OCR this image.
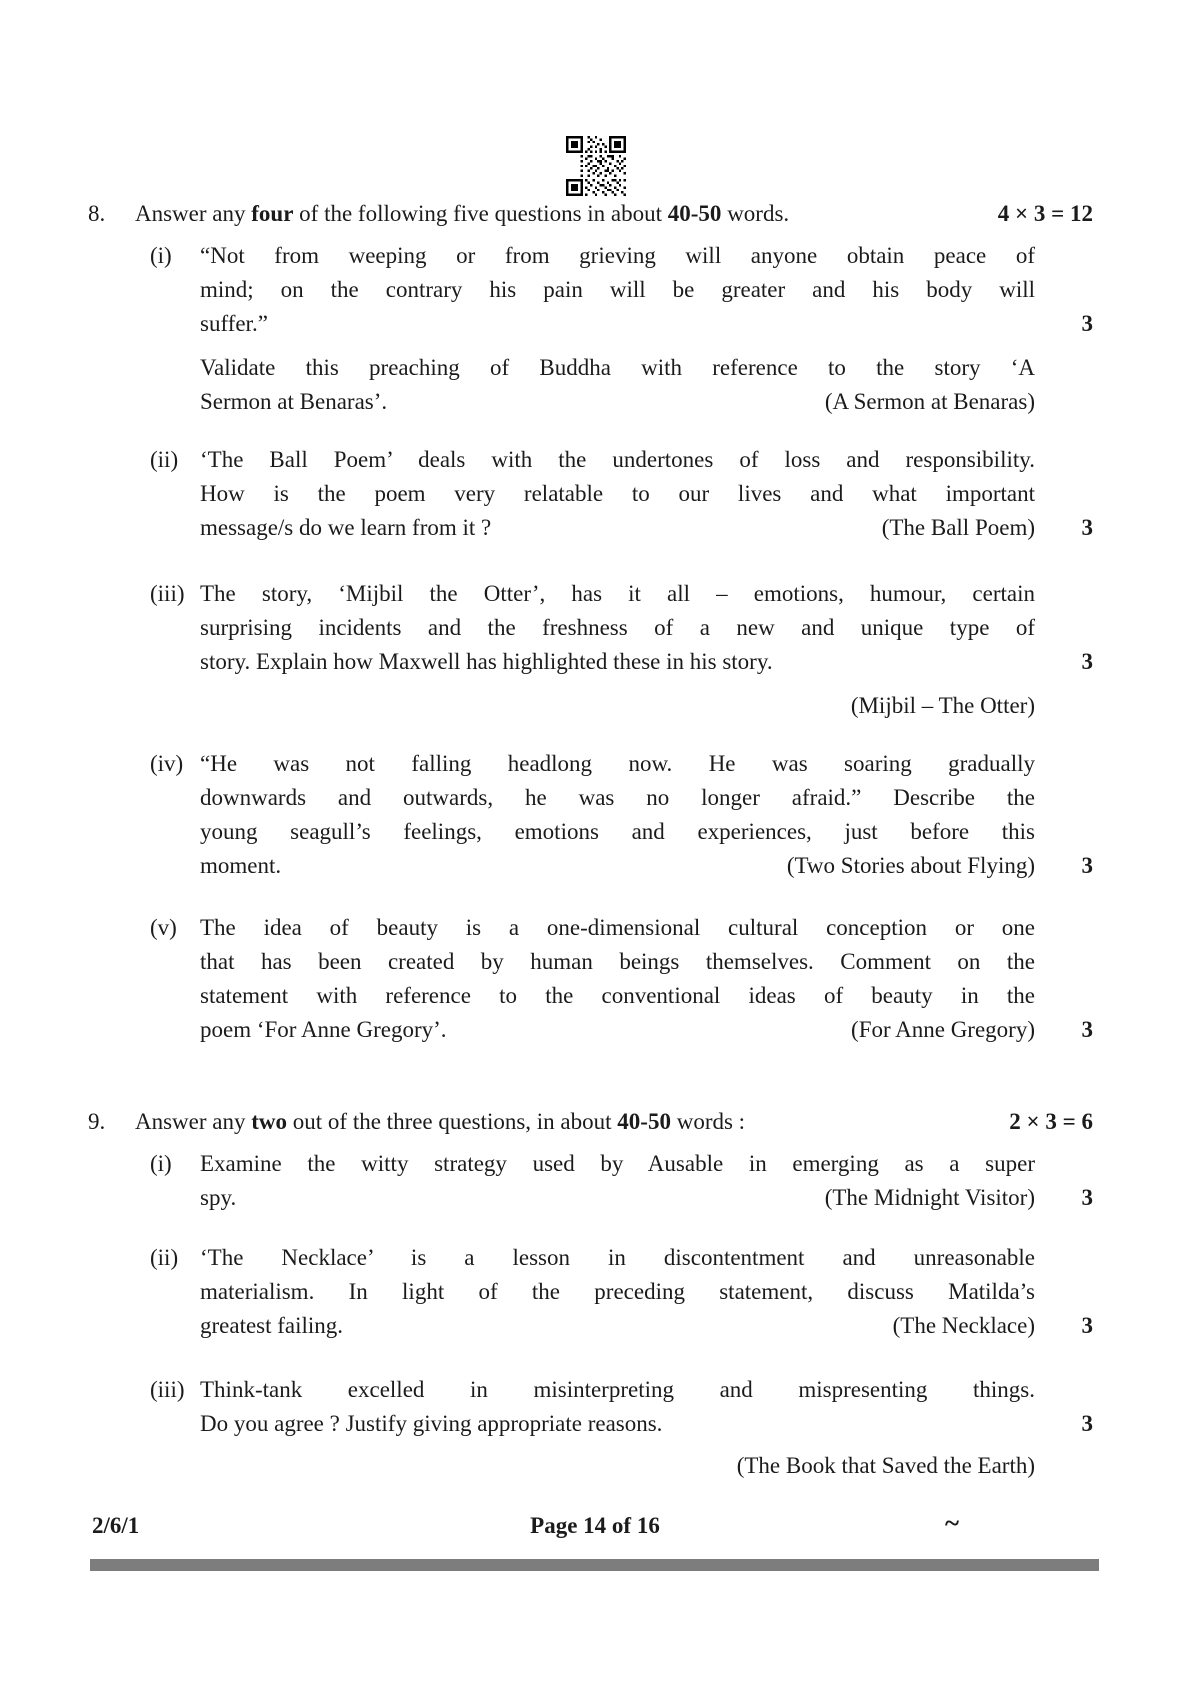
8.	Answer any four of the following five questions in about 40-50 words.	4 × 3 = 12
(i)	“Not from weeping or from grieving will anyone obtain peace of
mind; on the contrary his pain will be greater and his body will
suffer.”	3
Validate this preaching of Buddha with reference to the story ‘A
Sermon at Benaras’.	(A Sermon at Benaras)
(ii) ‘The Ball Poem’ deals with the undertones of loss and responsibility.
How is the poem very relatable to our lives and what important
message/s do we learn from it ?	(The Ball Poem)	3
(iii) The story, ‘Mijbil the Otter’, has it all – emotions, humour, certain
surprising incidents and the freshness of a new and unique type of
story. Explain how Maxwell has highlighted these in his story.	3
(Mijbil – The Otter)
(iv) “He was not falling headlong now. He was soaring gradually
downwards and outwards, he was no longer afraid.” Describe the
young seagull’s feelings, emotions and experiences, just before this
moment.	(Two Stories about Flying)	3
(v)	The idea of beauty is a one-dimensional cultural conception or one
that has been created by human beings themselves. Comment on the
statement with reference to the conventional ideas of beauty in the
poem ‘For Anne Gregory’.	(For Anne Gregory)	3
9.	Answer any two out of the three questions, in about 40-50 words :	2 × 3 = 6
(i)	Examine the witty strategy used by Ausable in emerging as a super
spy.	(The Midnight Visitor)	3
(ii) ‘The Necklace’ is a lesson in discontentment and unreasonable
materialism. In light of the preceding statement, discuss Matilda’s
greatest failing.	(The Necklace)	3
(iii) Think-tank excelled in misinterpreting and mispresenting things.
Do you agree ? Justify giving appropriate reasons.	3
(The Book that Saved the Earth)
2/6/1	Page 14 of 16	~
